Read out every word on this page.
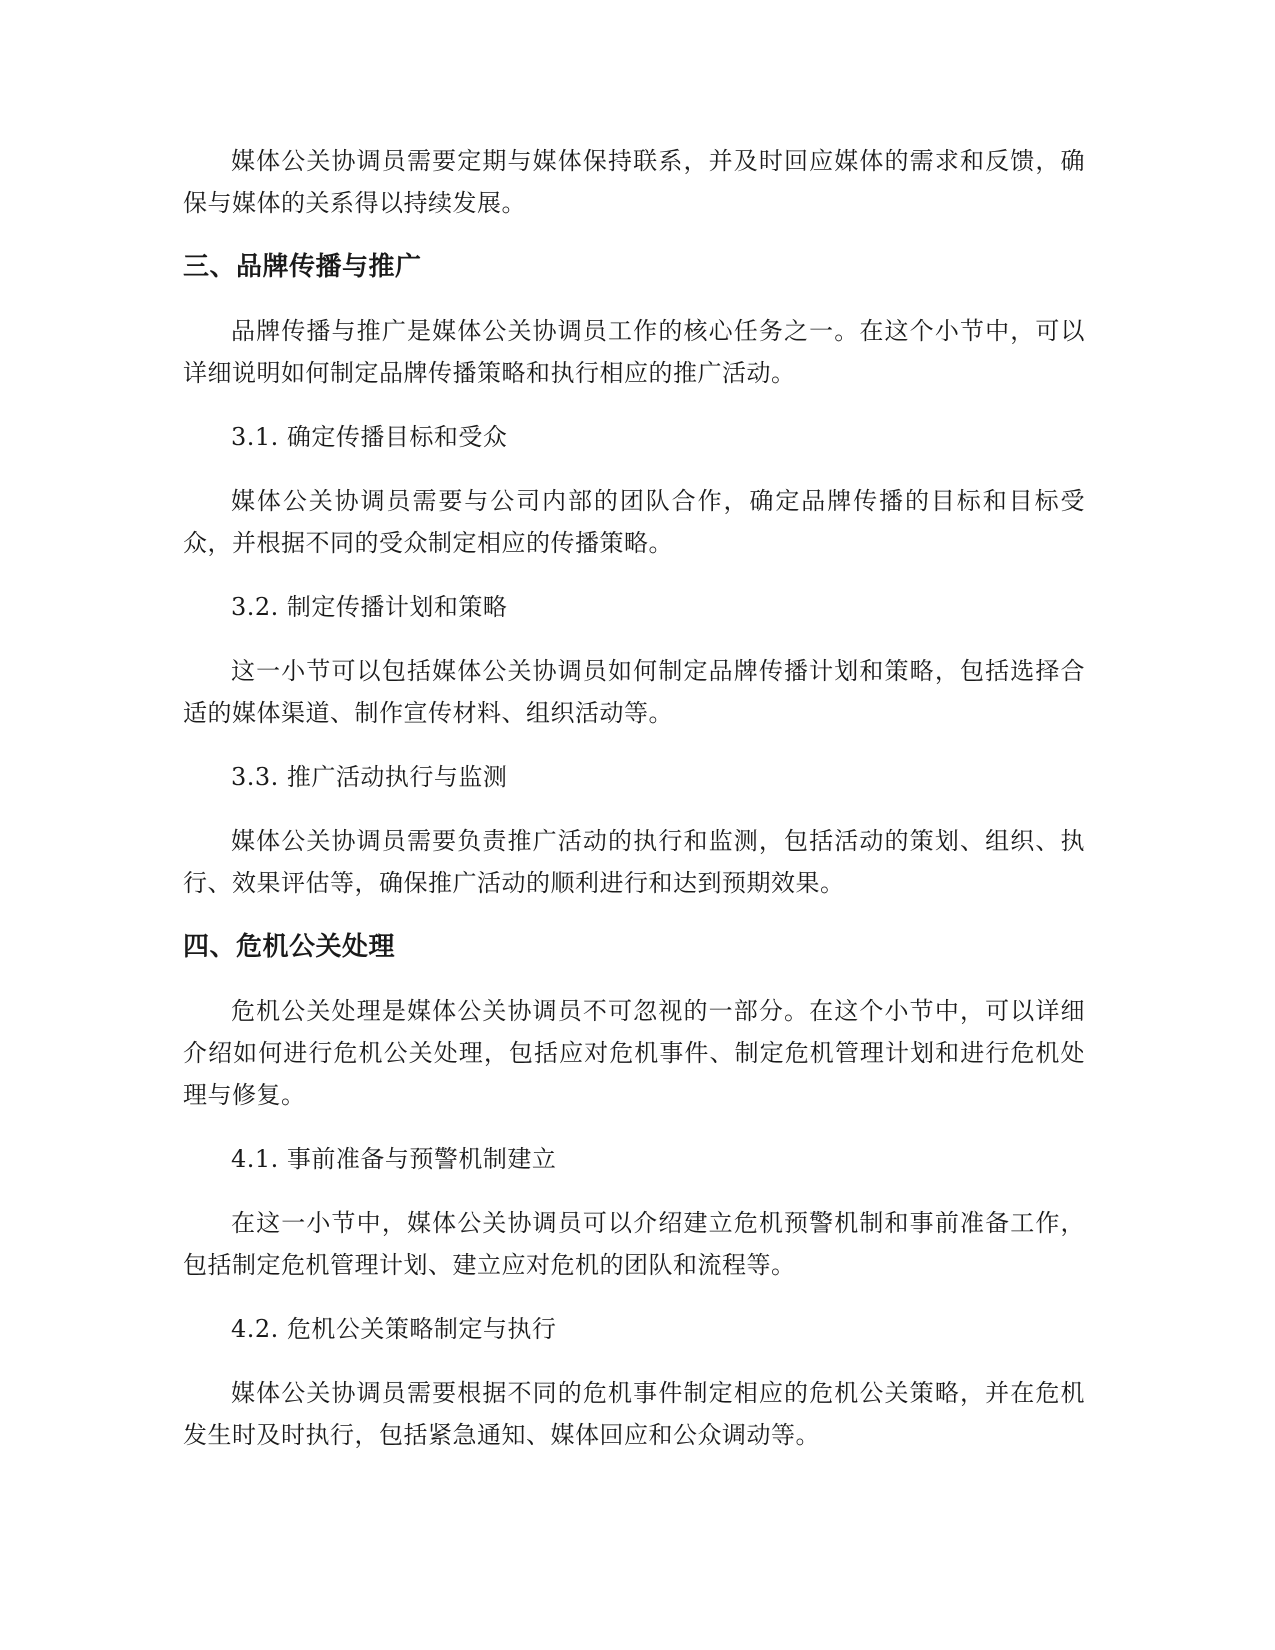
媒体公关协调员需要定期与媒体保持联系，并及时回应媒体的需求和反馈，确保与媒体的关系得以持续发展。

三、品牌传播与推广

品牌传播与推广是媒体公关协调员工作的核心任务之一。在这个小节中，可以详细说明如何制定品牌传播策略和执行相应的推广活动。

3.1. 确定传播目标和受众

媒体公关协调员需要与公司内部的团队合作，确定品牌传播的目标和目标受众，并根据不同的受众制定相应的传播策略。

3.2. 制定传播计划和策略

这一小节可以包括媒体公关协调员如何制定品牌传播计划和策略，包括选择合适的媒体渠道、制作宣传材料、组织活动等。

3.3. 推广活动执行与监测

媒体公关协调员需要负责推广活动的执行和监测，包括活动的策划、组织、执行、效果评估等，确保推广活动的顺利进行和达到预期效果。

四、危机公关处理

危机公关处理是媒体公关协调员不可忽视的一部分。在这个小节中，可以详细介绍如何进行危机公关处理，包括应对危机事件、制定危机管理计划和进行危机处理与修复。

4.1. 事前准备与预警机制建立

在这一小节中，媒体公关协调员可以介绍建立危机预警机制和事前准备工作，包括制定危机管理计划、建立应对危机的团队和流程等。

4.2. 危机公关策略制定与执行

媒体公关协调员需要根据不同的危机事件制定相应的危机公关策略，并在危机发生时及时执行，包括紧急通知、媒体回应和公众调动等。
